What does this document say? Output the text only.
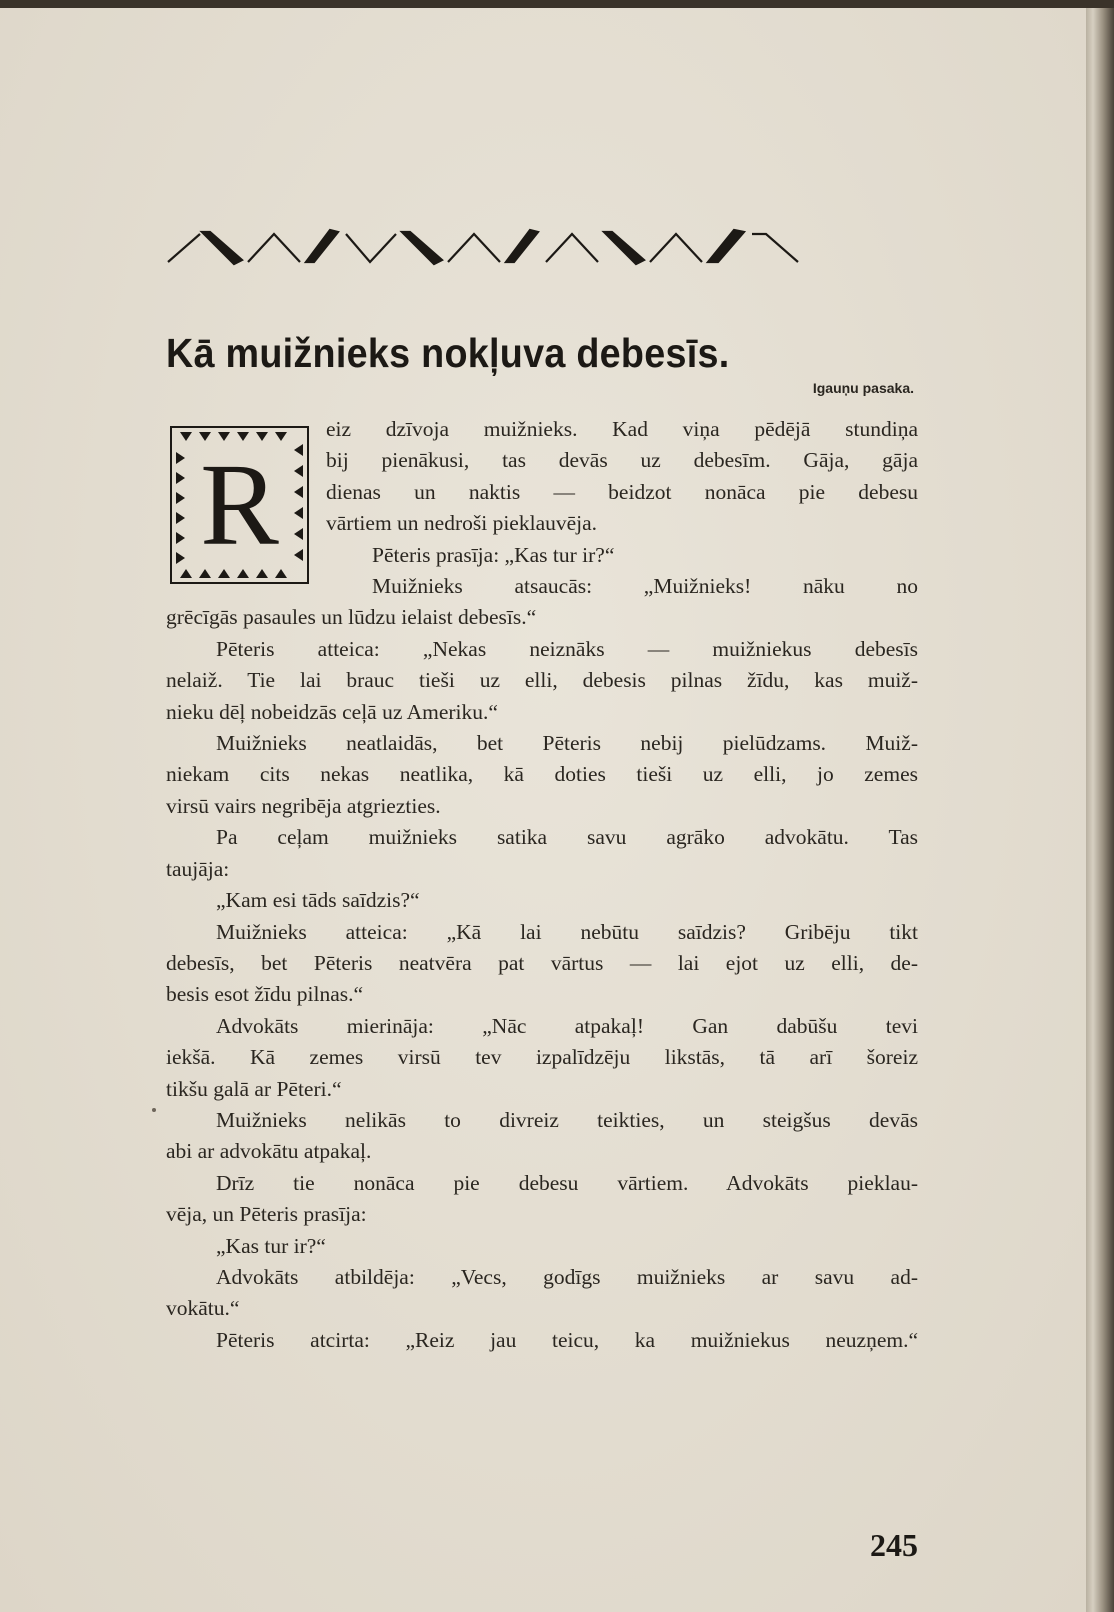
Kā muižnieks nokļuva debesīs.
Igauņu pasaka.
R
eiz dzīvoja muižnieks. Kad viņa pēdējā stundiņa
bij pienākusi, tas devās uz debesīm. Gāja, gāja
dienas un naktis — beidzot nonāca pie debesu
vārtiem un nedroši pieklauvēja.
Pēteris prasīja: „Kas tur ir?“
Muižnieks atsaucās: „Muižnieks! nāku no
grēcīgās pasaules un lūdzu ielaist debesīs.“
Pēteris atteica: „Nekas neiznāks — muižniekus debesīs
nelaiž. Tie lai brauc tieši uz elli, debesis pilnas žīdu, kas muiž-
nieku dēļ nobeidzās ceļā uz Ameriku.“
Muižnieks neatlaidās, bet Pēteris nebij pielūdzams. Muiž-
niekam cits nekas neatlika, kā doties tieši uz elli, jo zemes
virsū vairs negribēja atgriezties.
Pa ceļam muižnieks satika savu agrāko advokātu. Tas
taujāja:
„Kam esi tāds saīdzis?“
Muižnieks atteica: „Kā lai nebūtu saīdzis? Gribēju tikt
debesīs, bet Pēteris neatvēra pat vārtus — lai ejot uz elli, de-
besis esot žīdu pilnas.“
Advokāts mierināja: „Nāc atpakaļ! Gan dabūšu tevi
iekšā. Kā zemes virsū tev izpalīdzēju likstās, tā arī šoreiz
tikšu galā ar Pēteri.“
Muižnieks nelikās to divreiz teikties, un steigšus devās
abi ar advokātu atpakaļ.
Drīz tie nonāca pie debesu vārtiem. Advokāts pieklau-
vēja, un Pēteris prasīja:
„Kas tur ir?“
Advokāts atbildēja: „Vecs, godīgs muižnieks ar savu ad-
vokātu.“
Pēteris atcirta: „Reiz jau teicu, ka muižniekus neuzņem.“
245
